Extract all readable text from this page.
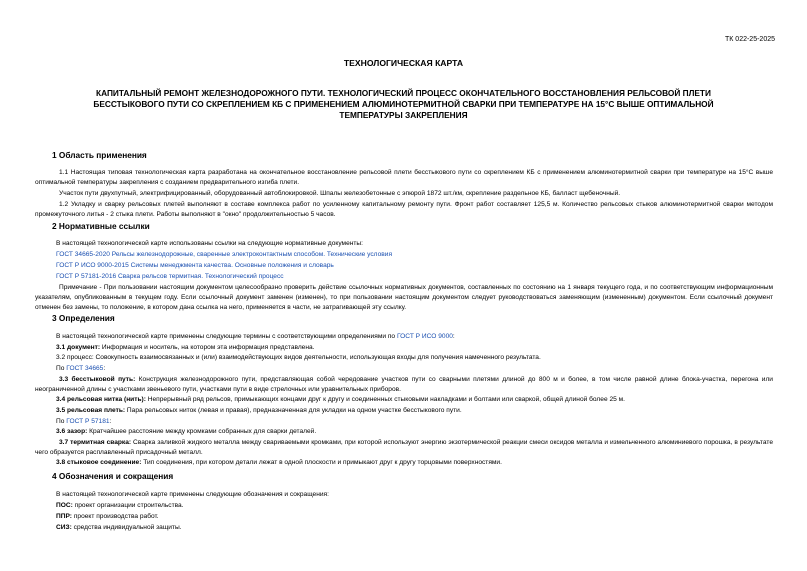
ТК 022-25-2025
ТЕХНОЛОГИЧЕСКАЯ КАРТА
КАПИТАЛЬНЫЙ РЕМОНТ ЖЕЛЕЗНОДОРОЖНОГО ПУТИ. ТЕХНОЛОГИЧЕСКИЙ ПРОЦЕСС ОКОНЧАТЕЛЬНОГО ВОССТАНОВЛЕНИЯ РЕЛЬСОВОЙ ПЛЕТИ БЕССТЫКОВОГО ПУТИ СО СКРЕПЛЕНИЕМ КБ С ПРИМЕНЕНИЕМ АЛЮМИНОТЕРМИТНОЙ СВАРКИ ПРИ ТЕМПЕРАТУРЕ НА 15°С ВЫШЕ ОПТИМАЛЬНОЙ ТЕМПЕРАТУРЫ ЗАКРЕПЛЕНИЯ
1 Область применения
1.1 Настоящая типовая технологическая карта разработана на окончательное восстановление рельсовой плети бесстыкового пути со скреплением КБ с применением алюминотермитной сварки при температуре на 15°С выше оптимальной температуры закрепления с созданием предварительного изгиба плети.
Участок пути двухпутный, электрифицированный, оборудованный автоблокировкой. Шпалы железобетонные с эпюрой 1872 шт./км, скрепление раздельное КБ, балласт щебеночный.
1.2 Укладку и сварку рельсовых плетей выполняют в составе комплекса работ по усиленному капитальному ремонту пути. Фронт работ составляет 125,5 м. Количество рельсовых стыков алюминотермитной сварки методом промежуточного литья - 2 стыка плети. Работы выполняют в "окно" продолжительностью 5 часов.
2 Нормативные ссылки
В настоящей технологической карте использованы ссылки на следующие нормативные документы:
ГОСТ 34665-2020 Рельсы железнодорожные, сваренные электроконтактным способом. Технические условия
ГОСТ Р ИСО 9000-2015 Системы менеджмента качества. Основные положения и словарь
ГОСТ Р 57181-2016 Сварка рельсов термитная. Технологический процесс
Примечание - При пользовании настоящим документом целесообразно проверить действие ссылочных нормативных документов, составленных по состоянию на 1 января текущего года, и по соответствующим информационным указателям, опубликованным в текущем году. Если ссылочный документ заменен (изменен), то при пользовании настоящим документом следует руководствоваться заменяющим (измененным) документом. Если ссылочный документ отменен без замены, то положение, в котором дана ссылка на него, применяется в части, не затрагивающей эту ссылку.
3 Определения
В настоящей технологической карте применены следующие термины с соответствующими определениями по ГОСТ Р ИСО 9000:
3.1 документ: Информация и носитель, на котором эта информация представлена.
3.2 процесс: Совокупность взаимосвязанных и (или) взаимодействующих видов деятельности, использующая входы для получения намеченного результата.
По ГОСТ 34665:
3.3 бесстыковой путь: Конструкция железнодорожного пути, представляющая собой чередование участков пути со сварными плетями длиной до 800 м и более, в том числе равной длине блока-участка, перегона или неограниченной длины с участками звеньевого пути, участками пути в виде стрелочных или уравнительных приборов.
3.4 рельсовая нитка (нить): Непрерывный ряд рельсов, примыкающих концами друг к другу и соединенных стыковыми накладками и болтами или сваркой, общей длиной более 25 м.
3.5 рельсовая плеть: Пара рельсовых ниток (левая и правая), предназначенная для укладки на одном участке бесстыкового пути.
По ГОСТ Р 57181:
3.6 зазор: Кратчайшее расстояние между кромками собранных для сварки деталей.
3.7 термитная сварка: Сварка заливкой жидкого металла между свариваемыми кромками, при которой используют энергию экзотермической реакции смеси оксидов металла и измельченного алюминиевого порошка, в результате чего образуется расплавленный присадочный металл.
3.8 стыковое соединение: Тип соединения, при котором детали лежат в одной плоскости и примыкают друг к другу торцовыми поверхностями.
4 Обозначения и сокращения
В настоящей технологической карте применены следующие обозначения и сокращения:
ПОС: проект организации строительства.
ППР: проект производства работ.
СИЗ: средства индивидуальной защиты.
